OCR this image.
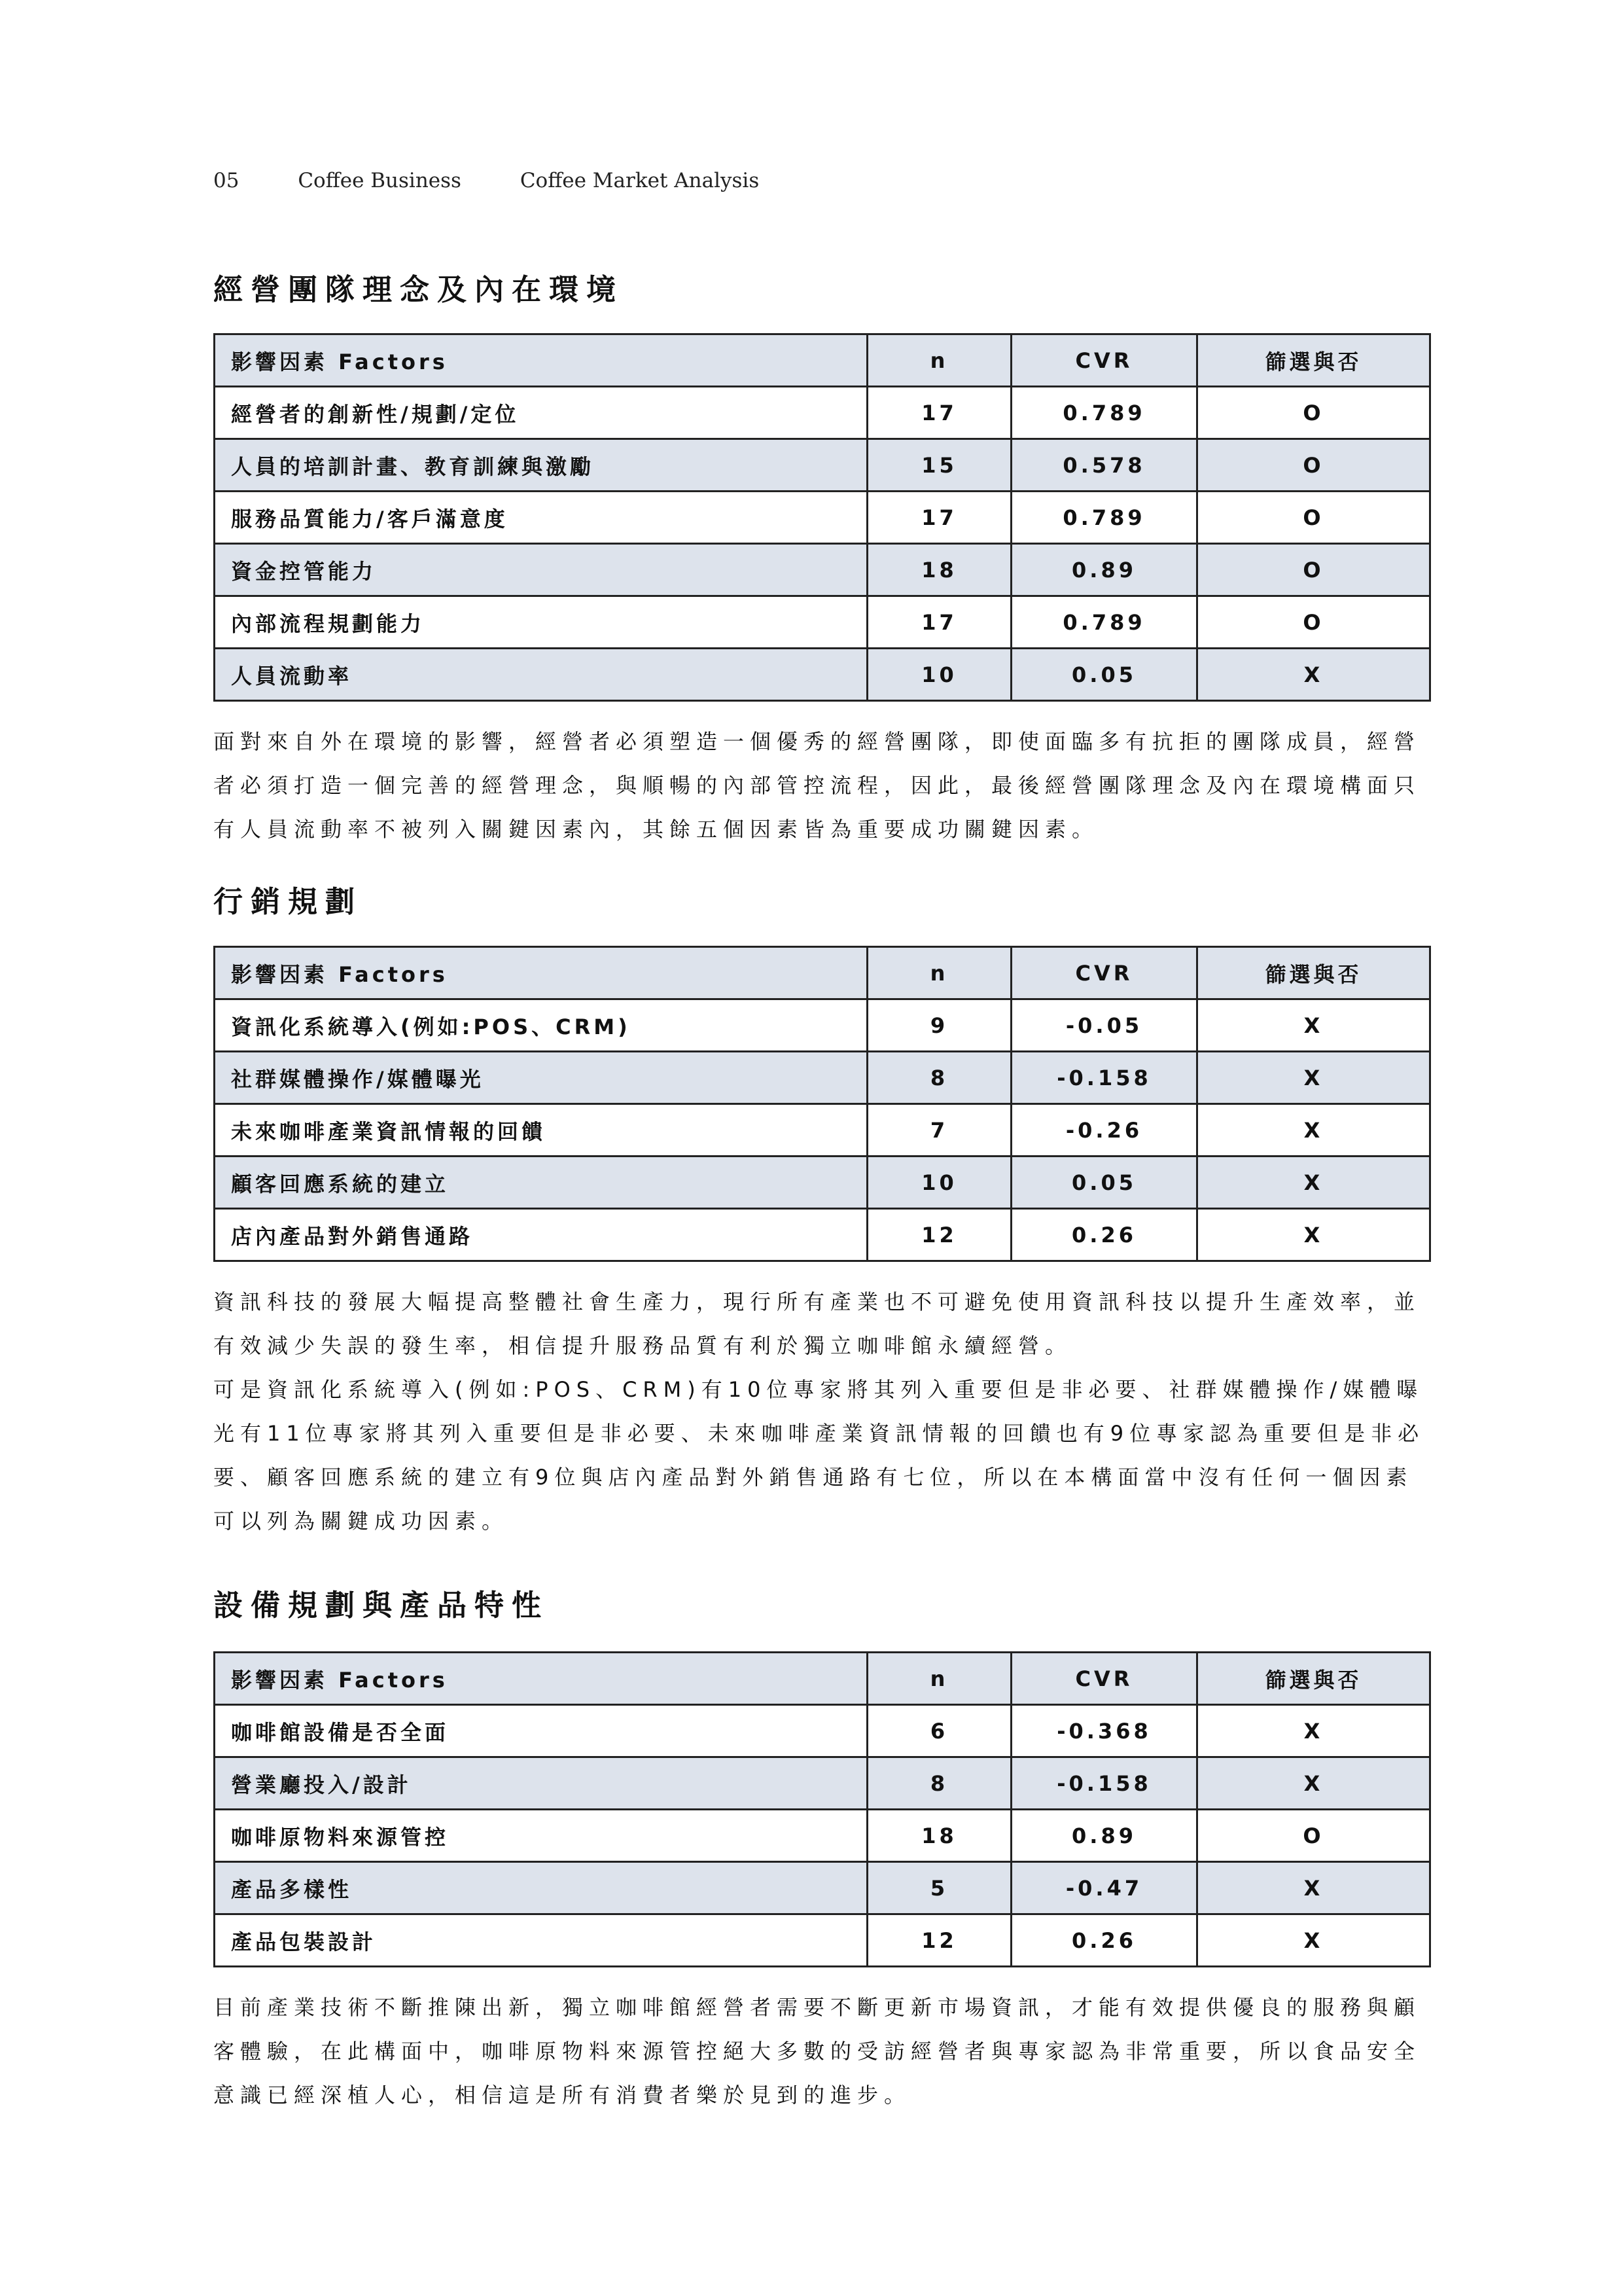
05	Coffee Business	Coffee Market Analysis
經營團隊理念及內在環境
影響因素 Factors	n	CVR	篩選與否
經營者的創新性/規劃/定位	17	0.789	O
人員的培訓計畫、教育訓練與激勵	15	0.578	O
服務品質能力/客戶滿意度	17	0.789	O
資金控管能力	18	0.89	O
內部流程規劃能力	17	0.789	O
人員流動率	10	0.05	X

面對來自外在環境的影響，經營者必須塑造一個優秀的經營團隊，即使面臨多有抗拒的團隊成員，經營者必須打造一個完善的經營理念，與順暢的內部管控流程，因此，最後經營團隊理念及內在環境構面只有人員流動率不被列入關鍵因素內，其餘五個因素皆為重要成功關鍵因素。

行銷規劃
影響因素 Factors	n	CVR	篩選與否
資訊化系統導入(例如:POS、CRM)	9	-0.05	X
社群媒體操作/媒體曝光	8	-0.158	X
未來咖啡產業資訊情報的回饋	7	-0.26	X
顧客回應系統的建立	10	0.05	X
店內產品對外銷售通路	12	0.26	X

資訊科技的發展大幅提高整體社會生產力，現行所有產業也不可避免使用資訊科技以提升生產效率，並有效減少失誤的發生率，相信提升服務品質有利於獨立咖啡館永續經營。

可是資訊化系統導入(例如:POS、CRM)有10位專家將其列入重要但是非必要、社群媒體操作/媒體曝光有11位專家將其列入重要但是非必要、未來咖啡產業資訊情報的回饋也有9位專家認為重要但是非必要、顧客回應系統的建立有9位與店內產品對外銷售通路有七位，所以在本構面當中沒有任何一個因素可以列為關鍵成功因素。

設備規劃與產品特性
影響因素 Factors	n	CVR	篩選與否
咖啡館設備是否全面	6	-0.368	X
營業廳投入/設計	8	-0.158	X
咖啡原物料來源管控	18	0.89	O
產品多樣性	5	-0.47	X
產品包裝設計	12	0.26	X

目前產業技術不斷推陳出新，獨立咖啡館經營者需要不斷更新市場資訊，才能有效提供優良的服務與顧客體驗，在此構面中，咖啡原物料來源管控絕大多數的受訪經營者與專家認為非常重要，所以食品安全意識已經深植人心，相信這是所有消費者樂於見到的進步。
